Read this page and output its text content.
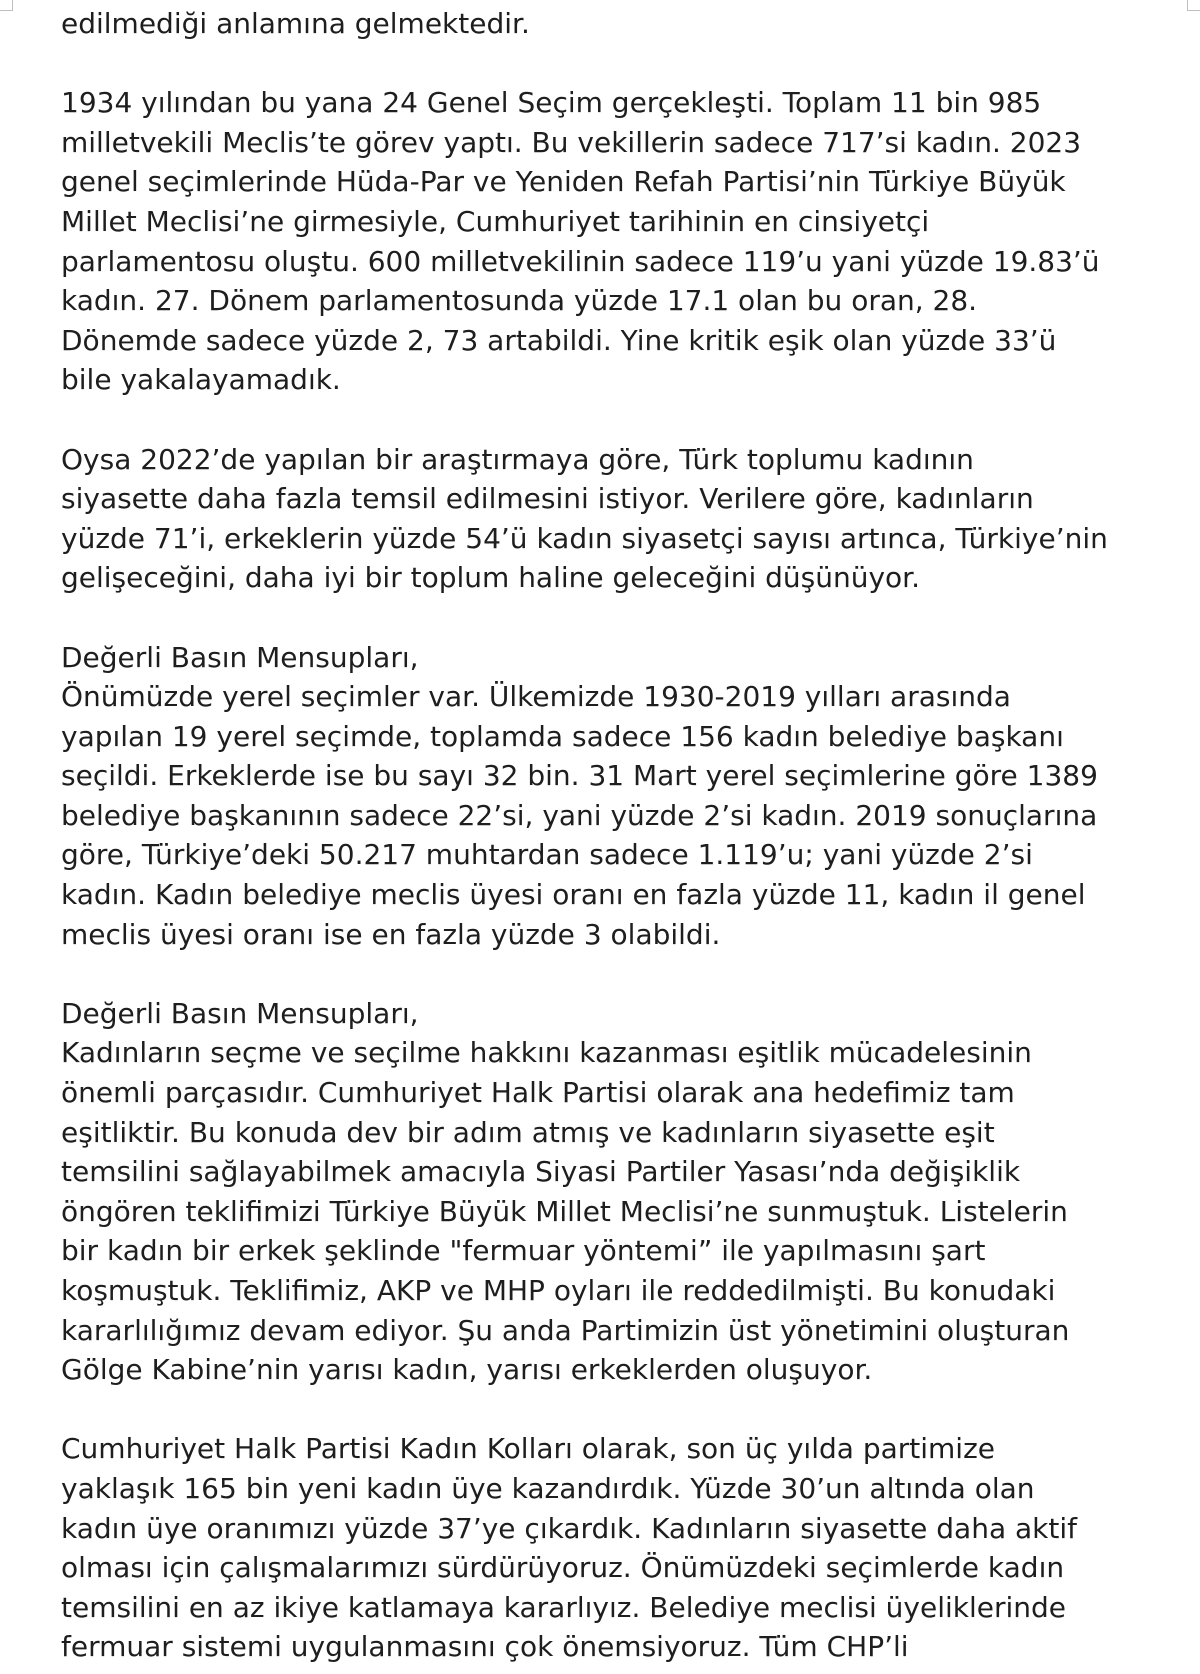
edilmediği anlamına gelmektedir.
1934 yılından bu yana 24 Genel Seçim gerçekleşti. Toplam 11 bin 985
milletvekili Meclis’te görev yaptı. Bu vekillerin sadece 717’si kadın. 2023
genel seçimlerinde Hüda-Par ve Yeniden Refah Partisi’nin Türkiye Büyük
Millet Meclisi’ne girmesiyle, Cumhuriyet tarihinin en cinsiyetçi
parlamentosu oluştu. 600 milletvekilinin sadece 119’u yani yüzde 19.83’ü
kadın. 27. Dönem parlamentosunda yüzde 17.1 olan bu oran, 28.
Dönemde sadece yüzde 2, 73 artabildi. Yine kritik eşik olan yüzde 33’ü
bile yakalayamadık.
Oysa 2022’de yapılan bir araştırmaya göre, Türk toplumu kadının
siyasette daha fazla temsil edilmesini istiyor. Verilere göre, kadınların
yüzde 71’i, erkeklerin yüzde 54’ü kadın siyasetçi sayısı artınca, Türkiye’nin
gelişeceğini, daha iyi bir toplum haline geleceğini düşünüyor.
Değerli Basın Mensupları,
Önümüzde yerel seçimler var. Ülkemizde 1930-2019 yılları arasında
yapılan 19 yerel seçimde, toplamda sadece 156 kadın belediye başkanı
seçildi. Erkeklerde ise bu sayı 32 bin. 31 Mart yerel seçimlerine göre 1389
belediye başkanının sadece 22’si, yani yüzde 2’si kadın. 2019 sonuçlarına
göre, Türkiye’deki 50.217 muhtardan sadece 1.119’u; yani yüzde 2’si
kadın. Kadın belediye meclis üyesi oranı en fazla yüzde 11, kadın il genel
meclis üyesi oranı ise en fazla yüzde 3 olabildi.
Değerli Basın Mensupları,
Kadınların seçme ve seçilme hakkını kazanması eşitlik mücadelesinin
önemli parçasıdır. Cumhuriyet Halk Partisi olarak ana hedefimiz tam
eşitliktir. Bu konuda dev bir adım atmış ve kadınların siyasette eşit
temsilini sağlayabilmek amacıyla Siyasi Partiler Yasası’nda değişiklik
öngören teklifimizi Türkiye Büyük Millet Meclisi’ne sunmuştuk. Listelerin
bir kadın bir erkek şeklinde "fermuar yöntemi” ile yapılmasını şart
koşmuştuk. Teklifimiz, AKP ve MHP oyları ile reddedilmişti. Bu konudaki
kararlılığımız devam ediyor. Şu anda Partimizin üst yönetimini oluşturan
Gölge Kabine’nin yarısı kadın, yarısı erkeklerden oluşuyor.
Cumhuriyet Halk Partisi Kadın Kolları olarak, son üç yılda partimize
yaklaşık 165 bin yeni kadın üye kazandırdık. Yüzde 30’un altında olan
kadın üye oranımızı yüzde 37’ye çıkardık. Kadınların siyasette daha aktif
olması için çalışmalarımızı sürdürüyoruz. Önümüzdeki seçimlerde kadın
temsilini en az ikiye katlamaya kararlıyız. Belediye meclisi üyeliklerinde
fermuar sistemi uygulanmasını çok önemsiyoruz. Tüm CHP’li
